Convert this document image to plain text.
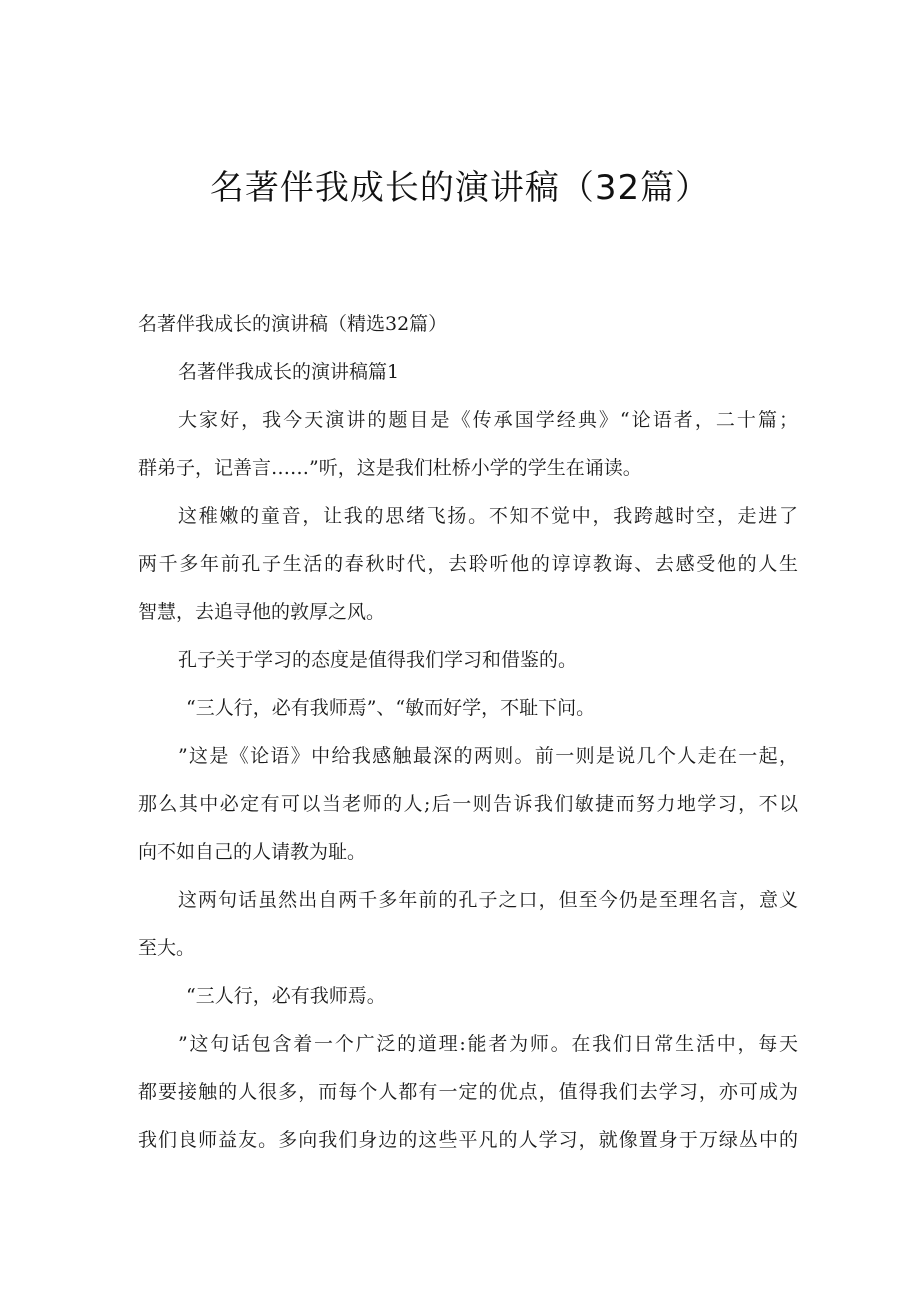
名著伴我成长的演讲稿（32篇）
名著伴我成长的演讲稿（精选32篇）
名著伴我成长的演讲稿篇1
大家好，我今天演讲的题目是《传承国学经典》“论语者，二十篇；
群弟子，记善言……”听，这是我们杜桥小学的学生在诵读。
这稚嫩的童音，让我的思绪飞扬。不知不觉中，我跨越时空，走进了
两千多年前孔子生活的春秋时代，去聆听他的谆谆教诲、去感受他的人生
智慧，去追寻他的敦厚之风。
孔子关于学习的态度是值得我们学习和借鉴的。
“三人行，必有我师焉”、“敏而好学，不耻下问。
”这是《论语》中给我感触最深的两则。前一则是说几个人走在一起，
那么其中必定有可以当老师的人;后一则告诉我们敏捷而努力地学习，不以
向不如自己的人请教为耻。
这两句话虽然出自两千多年前的孔子之口，但至今仍是至理名言，意义
至大。
“三人行，必有我师焉。
”这句话包含着一个广泛的道理:能者为师。在我们日常生活中，每天
都要接触的人很多，而每个人都有一定的优点，值得我们去学习，亦可成为
我们良师益友。多向我们身边的这些平凡的人学习，就像置身于万绿丛中的
